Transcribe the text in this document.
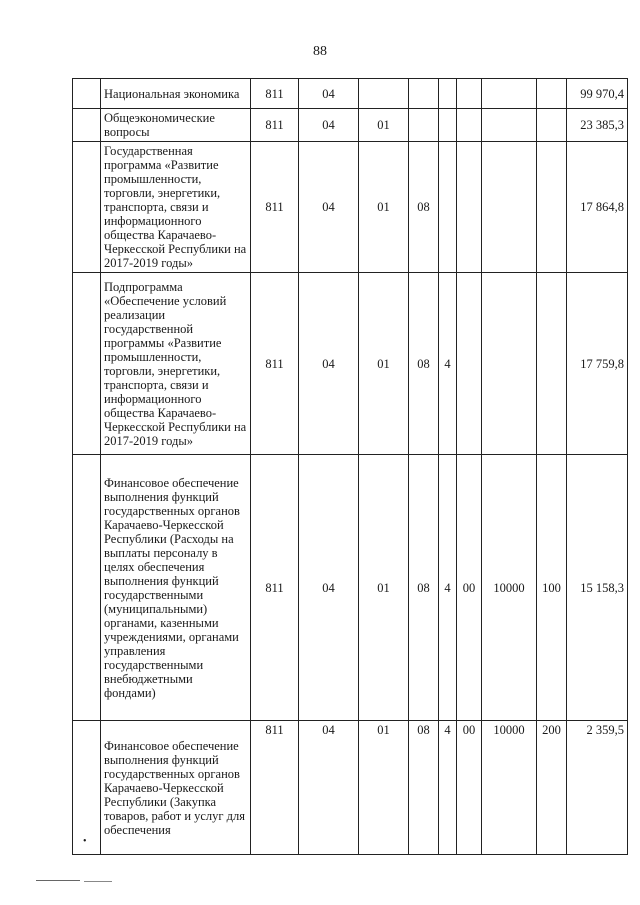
88
	Национальная экономика	811	04							99 970,4
	Общеэкономические вопросы	811	04	01						23 385,3
	Государственная программа «Развитие промышленности, торговли, энергетики, транспорта, связи и информационного общества Карачаево-Черкесской Республики на 2017-2019 годы»	811	04	01	08					17 864,8
	Подпрограмма «Обеспечение условий реализации государственной программы «Развитие промышленности, торговли, энергетики, транспорта, связи и информационного общества Карачаево-Черкесской Республики на 2017-2019 годы»	811	04	01	08	4				17 759,8
	Финансовое обеспечение выполнения функций государственных органов Карачаево-Черкесской Республики (Расходы на выплаты персоналу в целях обеспечения выполнения функций государственными (муниципальными) органами, казенными учреждениями, органами управления государственными внебюджетными фондами)	811	04	01	08	4	00	10000	100	15 158,3
	Финансовое обеспечение выполнения функций государственных органов Карачаево-Черкесской Республики (Закупка товаров, работ и услуг для обеспечения	811	04	01	08	4	00	10000	200	2 359,5
•
